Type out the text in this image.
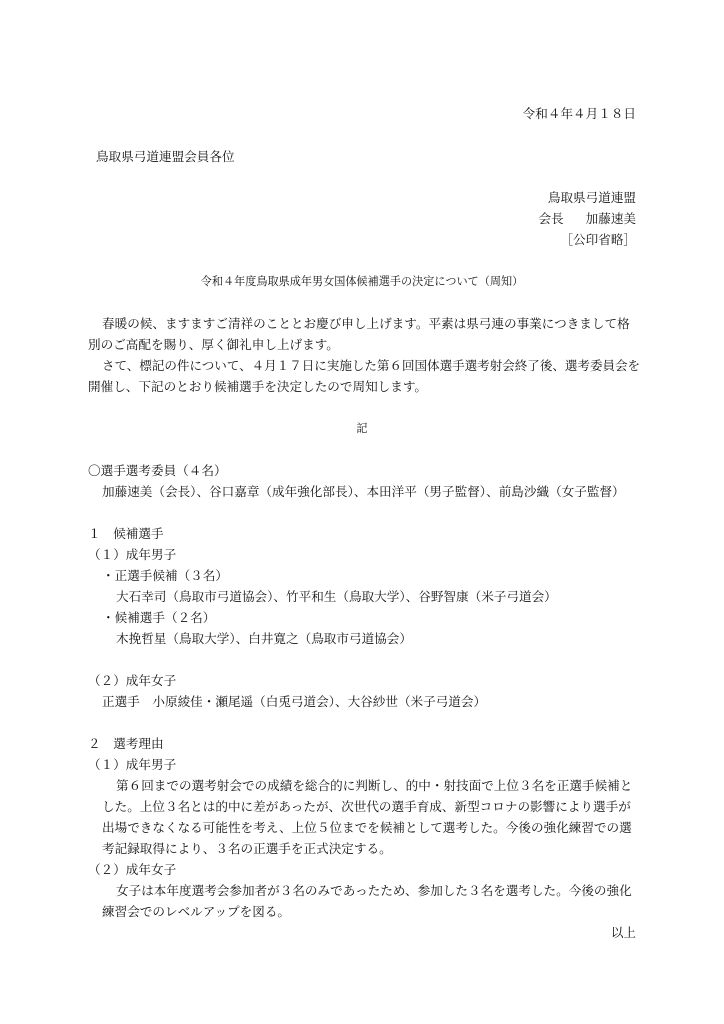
令和４年４月１８日
鳥取県弓道連盟会員各位
鳥取県弓道連盟
会長 加藤速美
［公印省略］
令和４年度鳥取県成年男女国体候補選手の決定について（周知）
春暖の候、ますますご清祥のこととお慶び申し上げます。平素は県弓連の事業につきまして格
別のご高配を賜り、厚く御礼申し上げます。
さて、標記の件について、４月１７日に実施した第６回国体選手選考射会終了後、選考委員会を
開催し、下記のとおり候補選手を決定したので周知します。
記
〇選手選考委員（４名）
加藤速美（会長）、谷口嘉章（成年強化部長）、本田洋平（男子監督）、前島沙織（女子監督）
１　候補選手
（１）成年男子
・正選手候補（３名）
大石幸司（鳥取市弓道協会）、竹平和生（鳥取大学）、谷野智康（米子弓道会）
・候補選手（２名）
木挽哲星（鳥取大学）、白井寛之（鳥取市弓道協会）
（２）成年女子
正選手　小原綾佳・瀬尾遥（白兎弓道会）、大谷紗世（米子弓道会）
２　選考理由
（１）成年男子
第６回までの選考射会での成績を総合的に判断し、的中・射技面で上位３名を正選手候補と
した。上位３名とは的中に差があったが、次世代の選手育成、新型コロナの影響により選手が
出場できなくなる可能性を考え、上位５位までを候補として選考した。今後の強化練習での選
考記録取得により、３名の正選手を正式決定する。
（２）成年女子
女子は本年度選考会参加者が３名のみであったため、参加した３名を選考した。今後の強化
練習会でのレベルアップを図る。
以上
